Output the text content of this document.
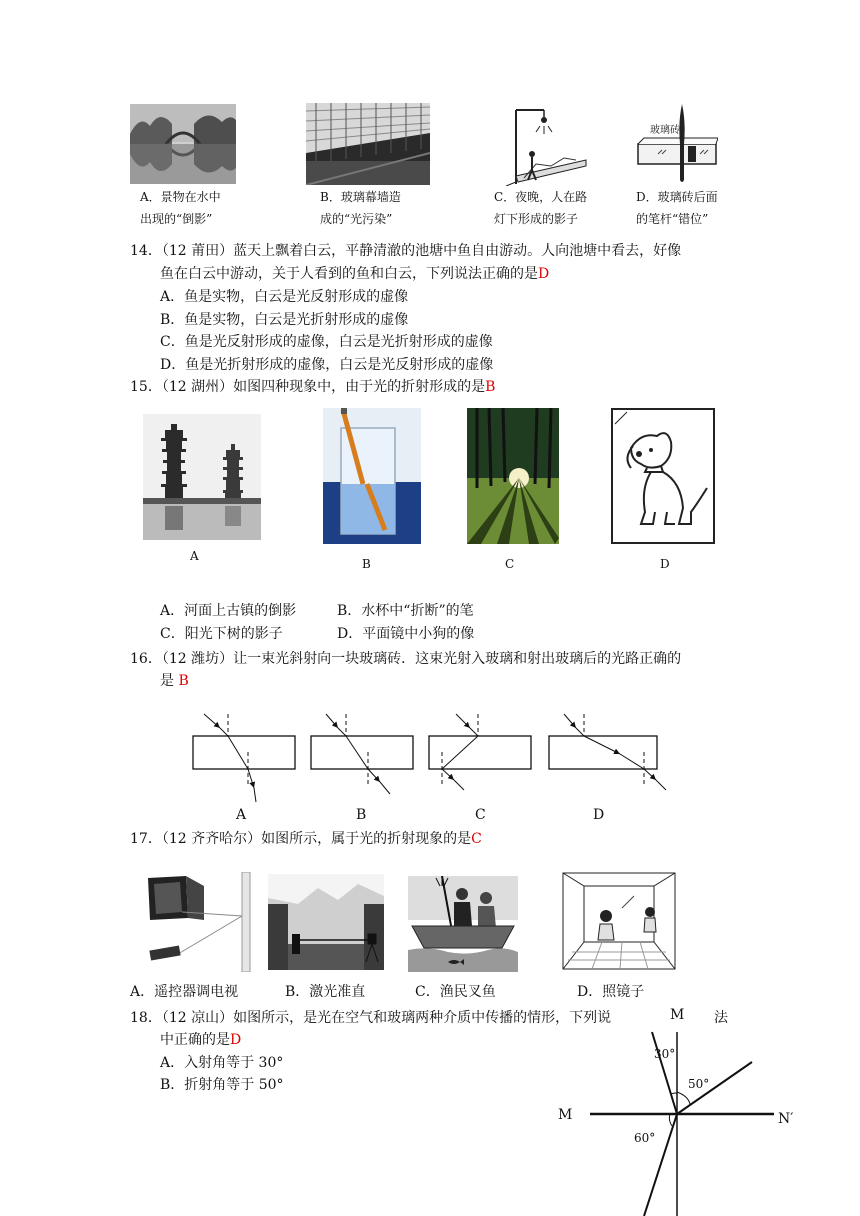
A．景物在水中
出现的“倒影”
B．玻璃幕墙造
成的“光污染”
C．夜晚，人在路
灯下形成的影子
玻璃砖
D．玻璃砖后面
的笔杆“错位”
14．（12 莆田）蓝天上飘着白云，平静清澈的池塘中鱼自由游动。人向池塘中看去，好像
鱼在白云中游动，关于人看到的鱼和白云，下列说法正确的是D
A．鱼是实物，白云是光反射形成的虚像
B．鱼是实物，白云是光折射形成的虚像
C．鱼是光反射形成的虚像，白云是光折射形成的虚像
D．鱼是光折射形成的虚像，白云是光反射形成的虚像
15．（12 湖州）如图四种现象中，由于光的折射形成的是B
A
B	C	D
A．河面上古镇的倒影	B．水杯中“折断”的笔
C．阳光下树的影子	D．平面镜中小狗的像
16．（12 潍坊）让一束光斜射向一块玻璃砖．这束光射入玻璃和射出玻璃后的光路正确的
是 B
A	B	C	D
17．（12 齐齐哈尔）如图所示，属于光的折射现象的是C
A．遥控器调电视	B．激光准直	C．渔民叉鱼	D．照镜子
18．（12 凉山）如图所示，是光在空气和玻璃两种介质中传播的情形，下列说	法
中正确的是D
A．入射角等于 30°
B．折射角等于 50°
M
30°
50°
M	N′
60°
